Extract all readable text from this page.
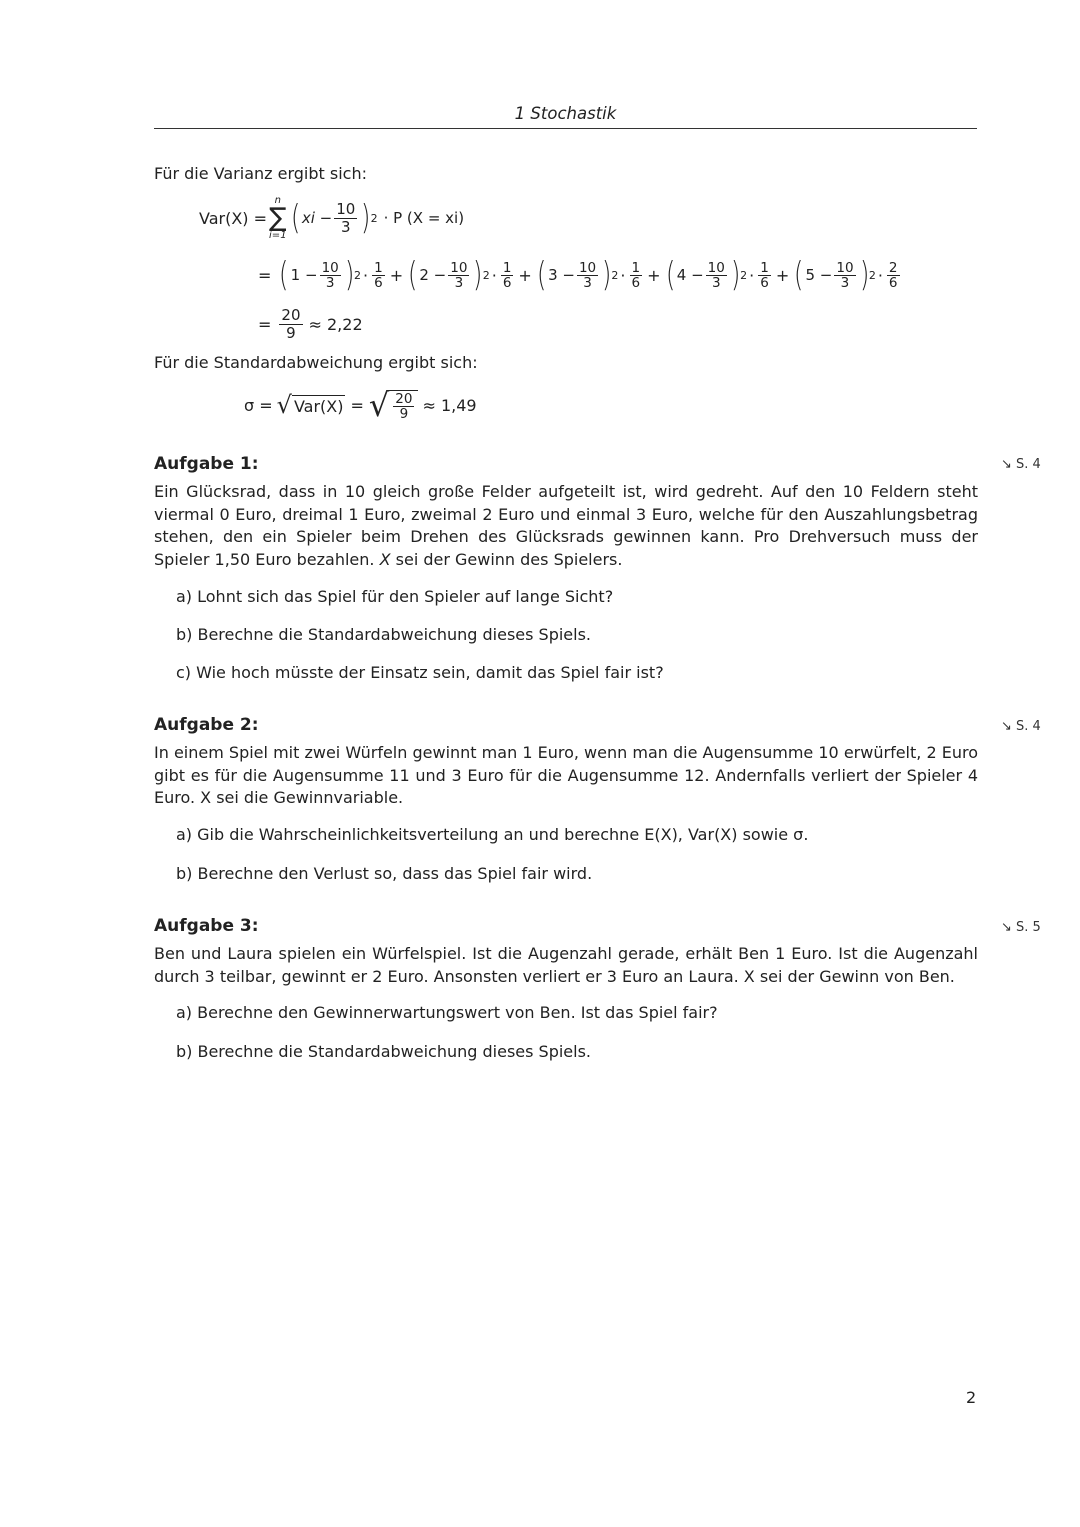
1 Stochastik
Für die Varianz ergibt sich:
Var(X) =
n
∑
i=1 ( xi − $\frac{10}{3}$ ) 2 · P (X = xi)
= ( $1 - \frac{10}{3}$ ) $2 \cdot \frac{1}{6}$ + ( $2 - \frac{10}{3}$ ) $2 \cdot \frac{1}{6}$ + ( $3 - \frac{10}{3}$ ) $2 \cdot \frac{1}{6}$ + ( $4 - \frac{10}{3}$ ) $2 \cdot \frac{1}{6}$ + ( $5 - \frac{10}{3}$ ) $2 \cdot \frac{2}{6}$
= $\frac{20}{9} \approx 2,22$
Für die Standardabweichung ergibt sich:
σ = √ Var(X) = √ $\frac{20}{9} \approx 1,49$
Aufgabe 1:	↘ S. 4
Ein Glücksrad, dass in 10 gleich große Felder aufgeteilt ist, wird gedreht. Auf den 10 Feldern steht viermal 0 Euro, dreimal 1 Euro, zweimal 2 Euro und einmal 3 Euro, welche für den Auszahlungsbetrag stehen, den ein Spieler beim Drehen des Glücksrads gewinnen kann. Pro Drehversuch muss der Spieler 1,50 Euro bezahlen. X sei der Gewinn des Spielers.
a) Lohnt sich das Spiel für den Spieler auf lange Sicht?
b) Berechne die Standardabweichung dieses Spiels.
c) Wie hoch müsste der Einsatz sein, damit das Spiel fair ist?
Aufgabe 2:	↘ S. 4
In einem Spiel mit zwei Würfeln gewinnt man 1 Euro, wenn man die Augensumme 10 erwürfelt, 2 Euro gibt es für die Augensumme 11 und 3 Euro für die Augensumme 12. Andernfalls verliert der Spieler 4 Euro. X sei die Gewinnvariable.
a) Gib die Wahrscheinlichkeitsverteilung an und berechne E(X), Var(X) sowie σ.
b) Berechne den Verlust so, dass das Spiel fair wird.
Aufgabe 3:	↘ S. 5
Ben und Laura spielen ein Würfelspiel. Ist die Augenzahl gerade, erhält Ben 1 Euro. Ist die Augenzahl durch 3 teilbar, gewinnt er 2 Euro. Ansonsten verliert er 3 Euro an Laura. X sei der Gewinn von Ben.
a) Berechne den Gewinnerwartungswert von Ben. Ist das Spiel fair?
b) Berechne die Standardabweichung dieses Spiels.
2
